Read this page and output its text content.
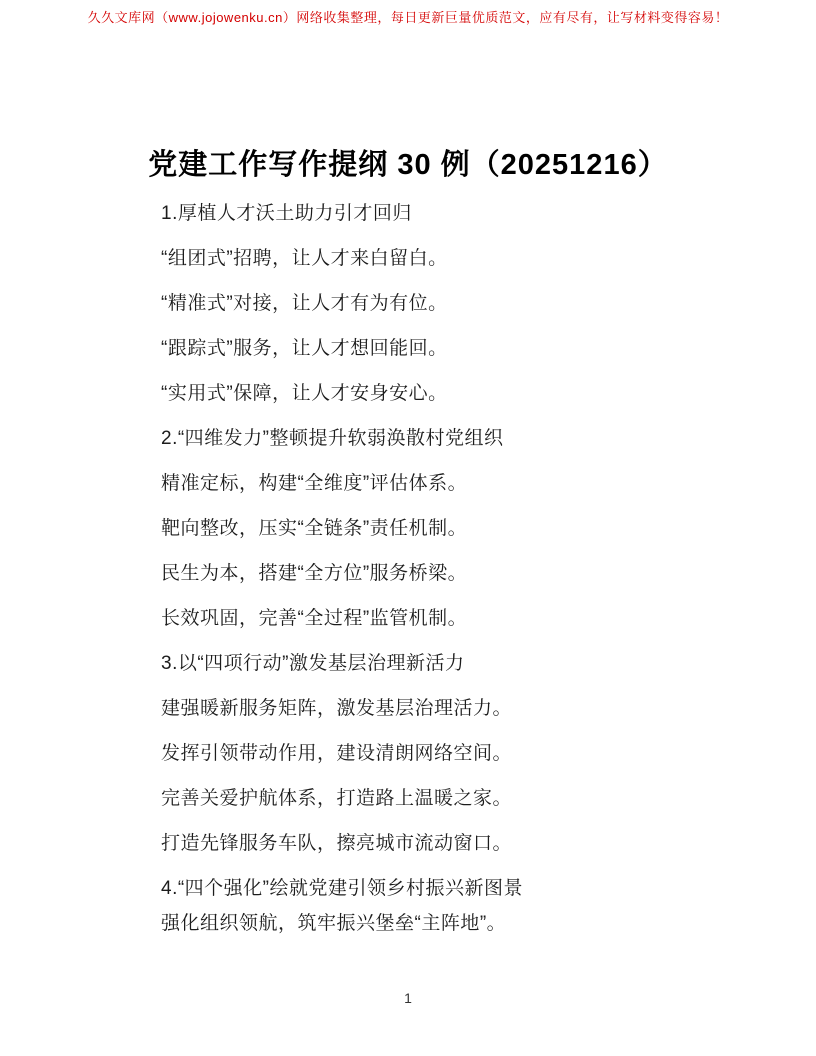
久久文库网（www.jojowenku.cn）网络收集整理，每日更新巨量优质范文，应有尽有，让写材料变得容易！
党建工作写作提纲 30 例（20251216）

1.厚植人才沃土助力引才回归

“组团式”招聘，让人才来白留白。

“精准式”对接，让人才有为有位。

“跟踪式”服务，让人才想回能回。

“实用式”保障，让人才安身安心。

2.“四维发力”整顿提升软弱涣散村党组织

精准定标，构建“全维度”评估体系。

靶向整改，压实“全链条”责任机制。

民生为本，搭建“全方位”服务桥梁。

长效巩固，完善“全过程”监管机制。

3.以“四项行动”激发基层治理新活力

建强暖新服务矩阵，激发基层治理活力。

发挥引领带动作用，建设清朗网络空间。

完善关爱护航体系，打造路上温暖之家。

打造先锋服务车队，擦亮城市流动窗口。

4.“四个强化”绘就党建引领乡村振兴新图景

强化组织领航，筑牢振兴堡垒“主阵地”。

1
